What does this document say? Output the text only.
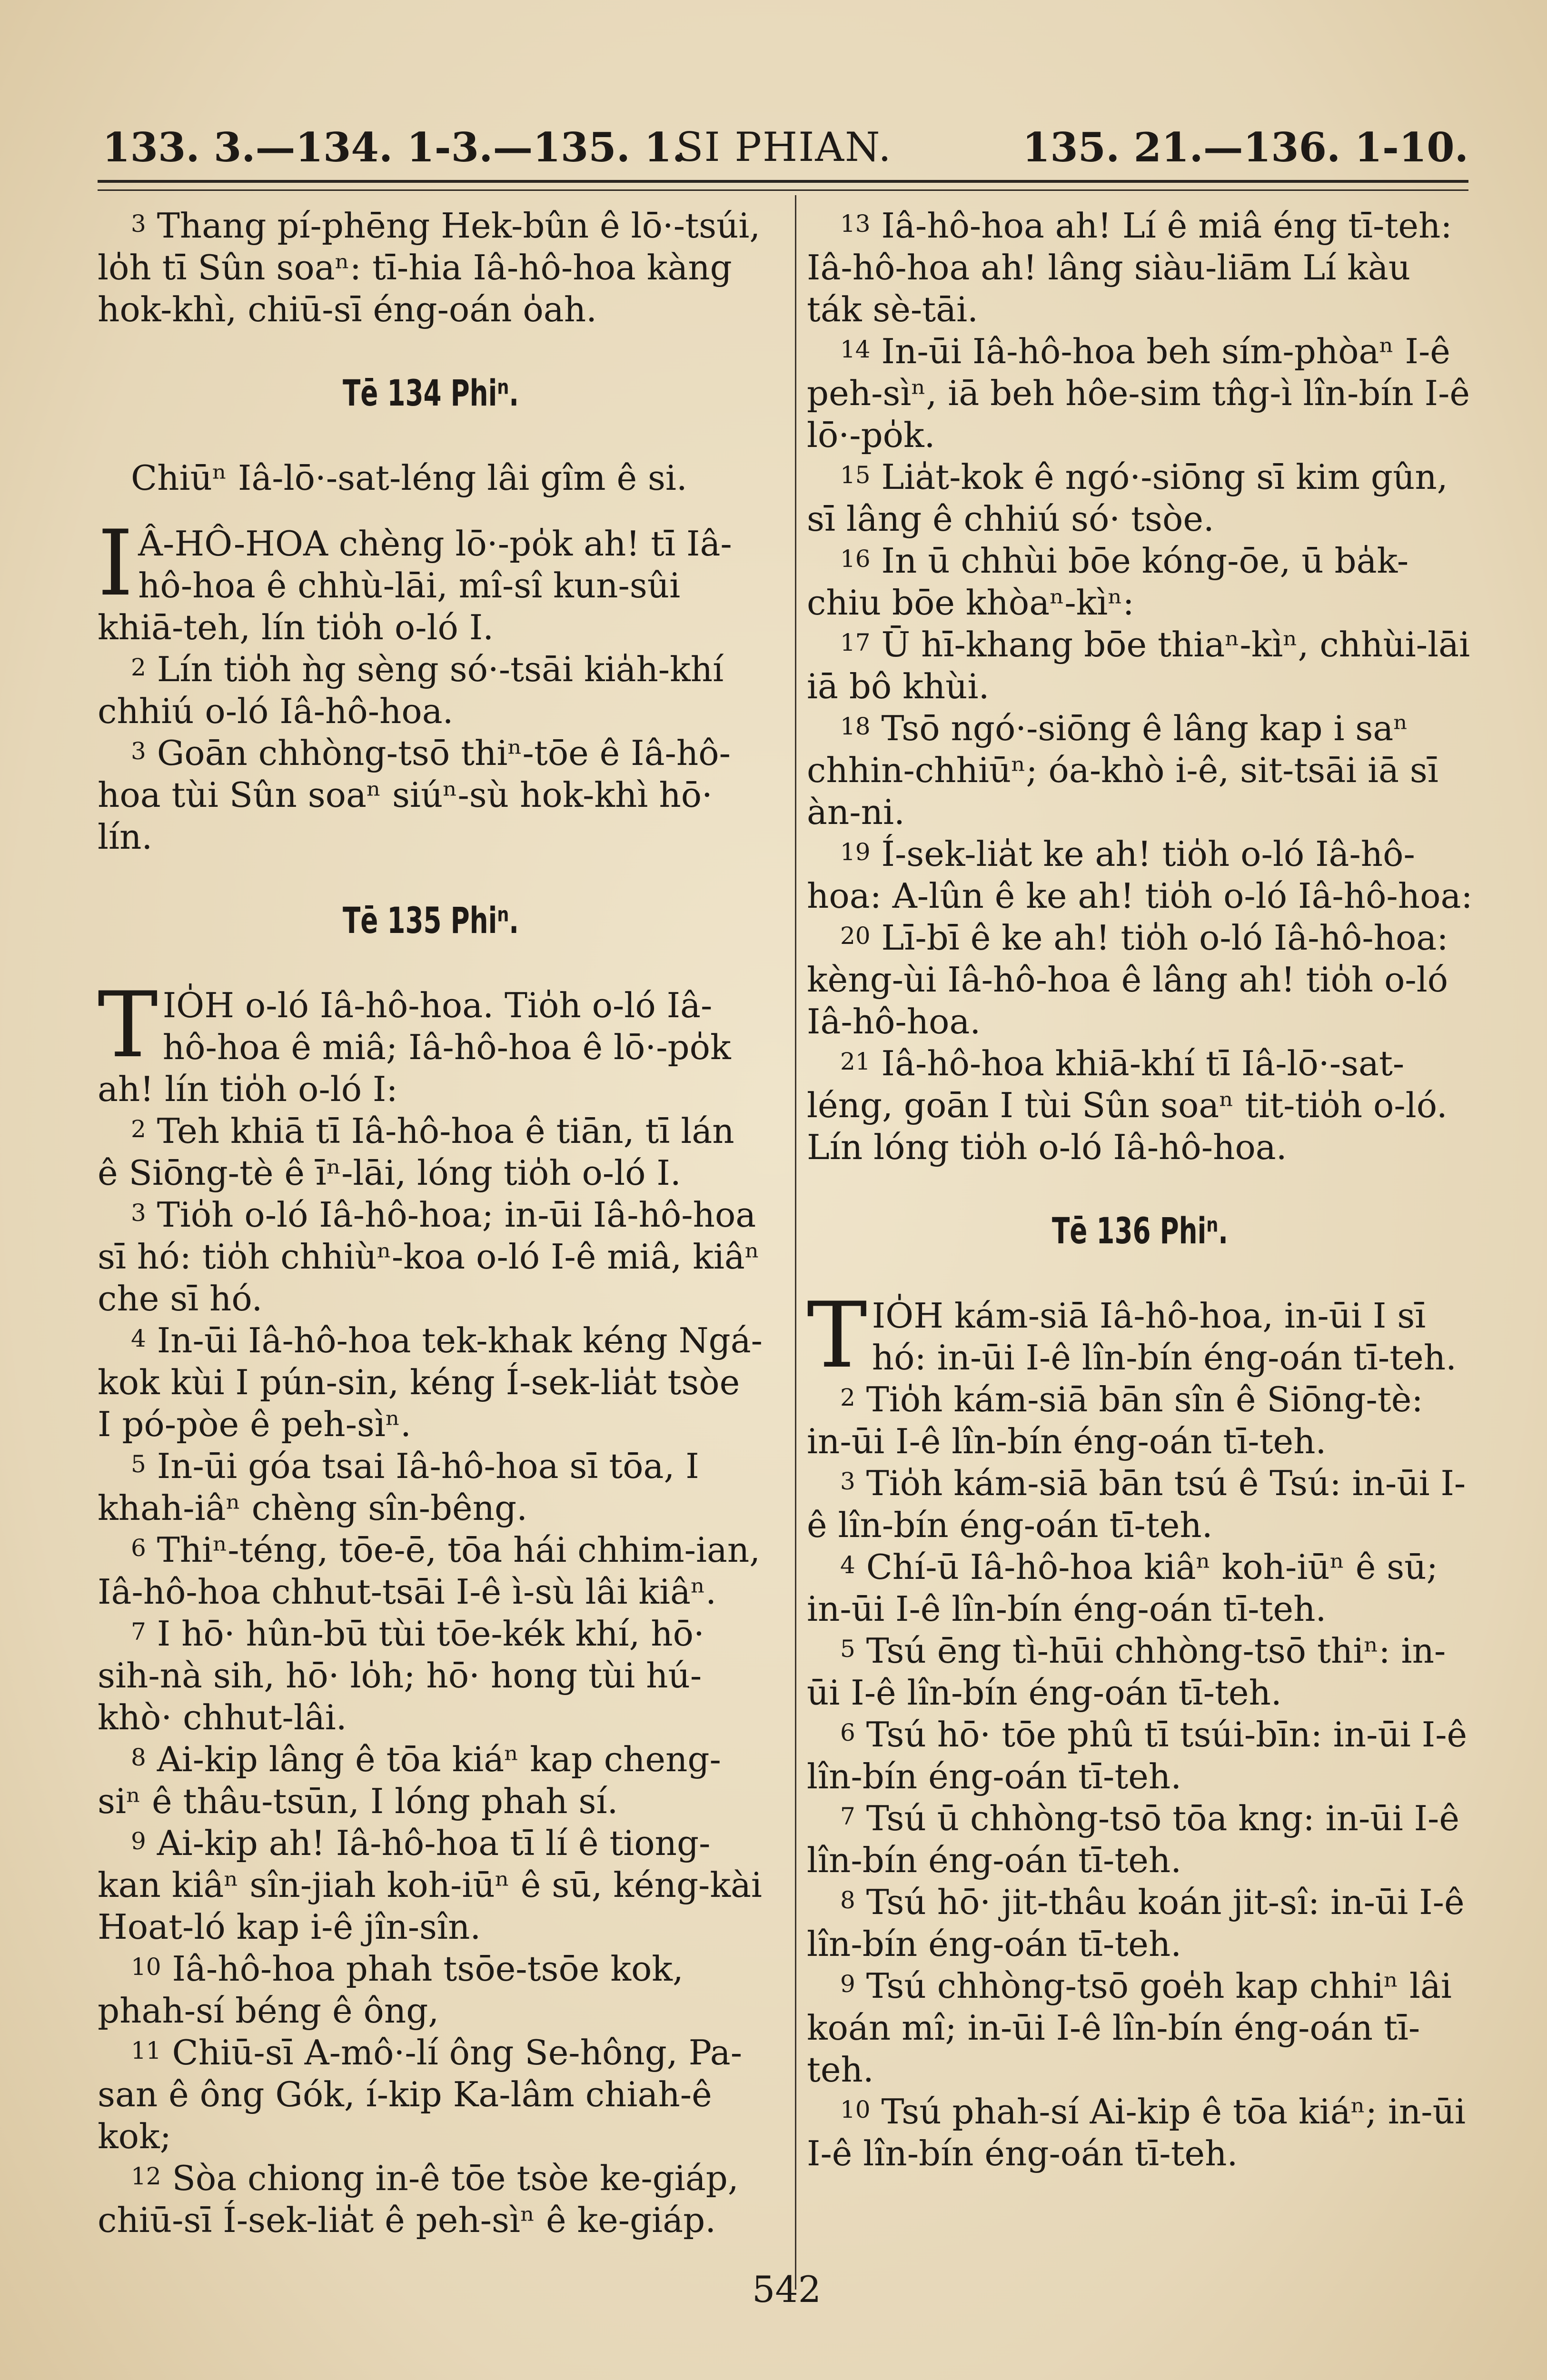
133. 3.—134. 1-3.—135. 1.
SI PHIAN.	135. 21.—136. 1-10.

$^3$ Thang pí-phēng Hek-bûn ê lō·-tsúi, lo̍h tī Sûn soaⁿ: tī-hia Iâ-hô-hoa kàng hok-khì, chiū-sī éng-oán o̍ah.

Tē 134 Phiⁿ.

Chiūⁿ Iâ-lō·-sat-léng lâi gîm ê si.

I Â-HÔ-HOA chèng lō·-po̍k ah! tī Iâ-hô-hoa ê chhù-lāi, mî-sî kun-sûi khiā-teh, lín tio̍h o-ló I.

$^2$ Lín tio̍h ǹg sèng só·-tsāi kia̍h-khí chhiú o-ló Iâ-hô-hoa.

$^3$ Goān chhòng-tsō thiⁿ-tōe ê Iâ-hô-hoa tùi Sûn soaⁿ siúⁿ-sù hok-khì hō· lín.

Tē 135 Phiⁿ.

TIO̍H o-ló Iâ-hô-hoa. Tio̍h o-ló Iâ-hô-hoa ê miâ; Iâ-hô-hoa ê lō·-po̍k ah! lín tio̍h o-ló I:

$^2$ Teh khiā tī Iâ-hô-hoa ê tiān, tī lán ê Siōng-tè ê īⁿ-lāi, lóng tio̍h o-ló I.

$^3$ Tio̍h o-ló Iâ-hô-hoa; in-ūi Iâ-hô-hoa sī hó: tio̍h chhiùⁿ-koa o-ló I-ê miâ, kiâⁿ che sī hó.

$^4$ In-ūi Iâ-hô-hoa tek-khak kéng Ngá-kok kùi I pún-sin, kéng Í-sek-lia̍t tsòe I pó-pòe ê peh-sìⁿ.

$^5$ In-ūi góa tsai Iâ-hô-hoa sī tōa, I khah-iâⁿ chèng sîn-bêng.

$^6$ Thiⁿ-téng, tōe-ē, tōa hái chhim-ian, Iâ-hô-hoa chhut-tsāi I-ê ì-sù lâi kiâⁿ.

$^7$ I hō· hûn-bū tùi tōe-kék khí, hō· sih-nà sih, hō· lo̍h; hō· hong tùi hú-khò· chhut-lâi.

$^8$ Ai-kip lâng ê tōa kiáⁿ kap cheng-siⁿ ê thâu-tsūn, I lóng phah sí.

$^9$ Ai-kip ah! Iâ-hô-hoa tī lí ê tiong-kan kiâⁿ sîn-jiah koh-iūⁿ ê sū, kéng-kài Hoat-ló kap i-ê jîn-sîn.

$^{10}$ Iâ-hô-hoa phah tsōe-tsōe kok, phah-sí béng ê ông,

$^{11}$ Chiū-sī A-mô·-lí ông Se-hông, Pa-san ê ông Gók, í-kip Ka-lâm chiah-ê kok;

$^{12}$ Sòa chiong in-ê tōe tsòe ke-giáp, chiū-sī Í-sek-lia̍t ê peh-sìⁿ ê ke-giáp.

$^{13}$ Iâ-hô-hoa ah! Lí ê miâ éng tī-teh: Iâ-hô-hoa ah! lâng siàu-liām Lí kàu ták sè-tāi.

$^{14}$ In-ūi Iâ-hô-hoa beh sím-phòaⁿ I-ê peh-sìⁿ, iā beh hôe-sim tn̂g-ì lîn-bín I-ê lō·-po̍k.

$^{15}$ Lia̍t-kok ê ngó·-siōng sī kim gûn, sī lâng ê chhiú só· tsòe.

$^{16}$ In ū chhùi bōe kóng-ōe, ū ba̍k-chiu bōe khòaⁿ-kìⁿ:

$^{17}$ Ū hī-khang bōe thiaⁿ-kìⁿ, chhùi-lāi iā bô khùi.

$^{18}$ Tsō ngó·-siōng ê lâng kap i saⁿ chhin-chhiūⁿ; óa-khò i-ê, sit-tsāi iā sī àn-ni.

$^{19}$ Í-sek-lia̍t ke ah! tio̍h o-ló Iâ-hô-hoa: A-lûn ê ke ah! tio̍h o-ló Iâ-hô-hoa:

$^{20}$ Lī-bī ê ke ah! tio̍h o-ló Iâ-hô-hoa: kèng-ùi Iâ-hô-hoa ê lâng ah! tio̍h o-ló Iâ-hô-hoa.

$^{21}$ Iâ-hô-hoa khiā-khí tī Iâ-lō·-sat-léng, goān I tùi Sûn soaⁿ tit-tio̍h o-ló. Lín lóng tio̍h o-ló Iâ-hô-hoa.

Tē 136 Phiⁿ.

TIO̍H kám-siā Iâ-hô-hoa, in-ūi I sī hó: in-ūi I-ê lîn-bín éng-oán tī-teh.

$^2$ Tio̍h kám-siā bān sîn ê Siōng-tè: in-ūi I-ê lîn-bín éng-oán tī-teh.

$^3$ Tio̍h kám-siā bān tsú ê Tsú: in-ūi I-ê lîn-bín éng-oán tī-teh.

$^4$ Chí-ū Iâ-hô-hoa kiâⁿ koh-iūⁿ ê sū; in-ūi I-ê lîn-bín éng-oán tī-teh.

$^5$ Tsú ēng tì-hūi chhòng-tsō thiⁿ: in-ūi I-ê lîn-bín éng-oán tī-teh.

$^6$ Tsú hō· tōe phû tī tsúi-bīn: in-ūi I-ê lîn-bín éng-oán tī-teh.

$^7$ Tsú ū chhòng-tsō tōa kng: in-ūi I-ê lîn-bín éng-oán tī-teh.

$^8$ Tsú hō· jit-thâu koán jit-sî: in-ūi I-ê lîn-bín éng-oán tī-teh.

$^9$ Tsú chhòng-tsō goe̍h kap chhiⁿ lâi koán mî; in-ūi I-ê lîn-bín éng-oán tī-teh.

$^{10}$ Tsú phah-sí Ai-kip ê tōa kiáⁿ; in-ūi I-ê lîn-bín éng-oán tī-teh.

542
